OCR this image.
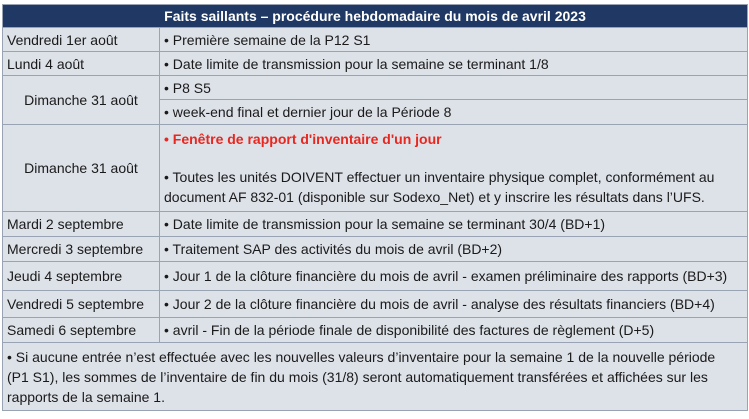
Faits saillants – procédure hebdomadaire du mois de avril 2023	
Vendredi 1er août	• Première semaine de la P12 S1
Lundi 4 août	• Date limite de transmission pour la semaine se terminant 1/8
Dimanche 31 août	• P8 S5
	• week-end final et dernier jour de la Période 8
Dimanche 31 août	• Fenêtre de rapport d'inventaire d'un jour
• Toutes les unités DOIVENT effectuer un inventaire physique complet, conformément au
document AF 832-01 (disponible sur Sodexo_Net) et y inscrire les résultats dans l’UFS.

Mardi 2 septembre	• Date limite de transmission pour la semaine se terminant 30/4 (BD+1)
Mercredi 3 septembre	• Traitement SAP des activités du mois de avril (BD+2)
Jeudi 4 septembre	• Jour 1 de la clôture financière du mois de avril - examen préliminaire des rapports (BD+3)
Vendredi 5 septembre	• Jour 2 de la clôture financière du mois de avril - analyse des résultats financiers (BD+4)
Samedi 6 septembre	• avril - Fin de la période finale de disponibilité des factures de règlement (D+5)

• Si aucune entrée n’est effectuée avec les nouvelles valeurs d’inventaire pour la semaine 1 de la nouvelle période
(P1 S1), les sommes de l’inventaire de fin du mois (31/8) seront automatiquement transférées et affichées sur les
rapports de la semaine 1.	
